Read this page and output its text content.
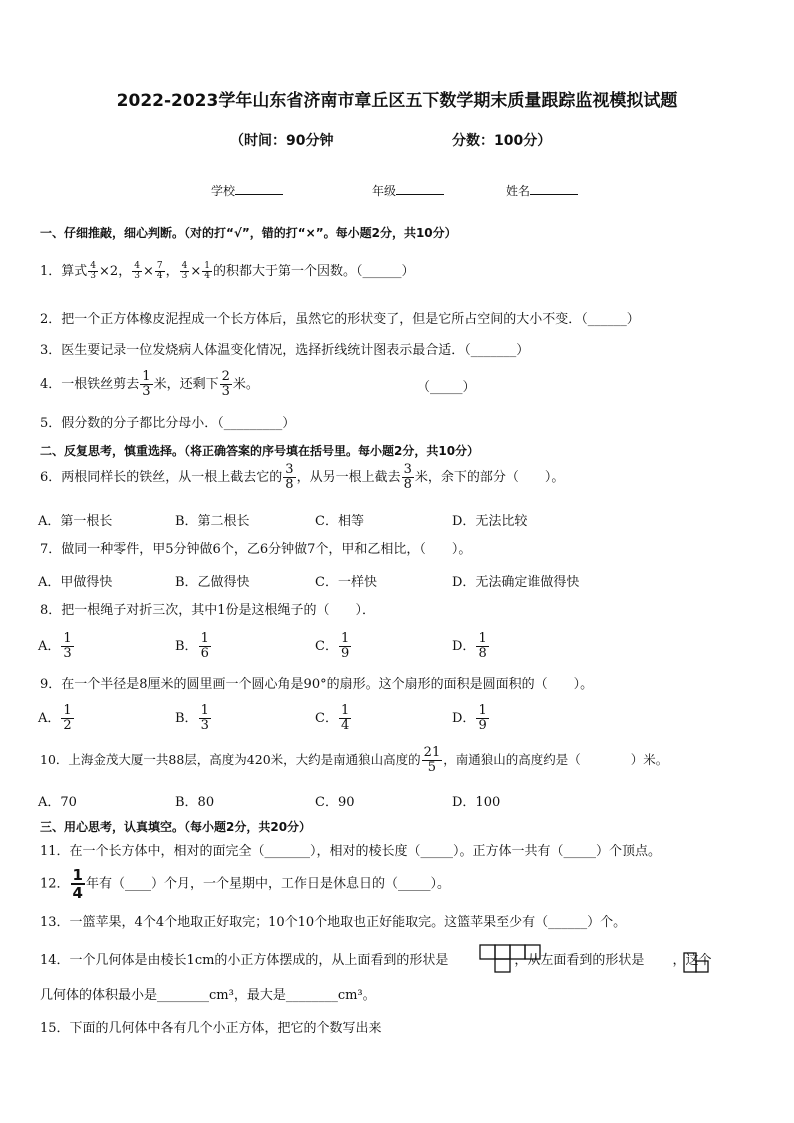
2022-2023学年山东省济南市章丘区五下数学期末质量跟踪监视模拟试题
（时间：90分钟	分数：100分）
学校	年级	姓名
一、仔细推敲，细心判断。（对的打“√”，错的打“×”。每小题2分，共10分）
1．算式 $\frac{4}{3} \times 2$， $\frac{4}{3} \times \frac{7}{4}$ ， $\frac{4}{3} \times \frac{1}{4}$ 的积都大于第一个因数。（______）
2．把一个正方体橡皮泥捏成一个长方体后，虽然它的形状变了，但是它所占空间的大小不变．（______）
3．医生要记录一位发烧病人体温变化情况，选择折线统计图表示最合适．（_______）
4．一根铁丝剪去 $\frac{1}{3}$ 米，还剩下 $\frac{2}{3}$ 米。	（_____）
5．假分数的分子都比分母小．（_________）
二、反复思考，慎重选择。（将正确答案的序号填在括号里。每小题2分，共10分）
6．两根同样长的铁丝，从一根上截去它的 $\frac{3}{8}$ ，从另一根上截去 $\frac{3}{8}$ 米，余下的部分（　　）。
A．第一根长	B．第二根长	C．相等	D．无法比较
7．做同一种零件，甲5分钟做6个，乙6分钟做7个，甲和乙相比，（　　）。
A．甲做得快	B．乙做得快	C．一样快	D．无法确定谁做得快
8．把一根绳子对折三次，其中1份是这根绳子的（　　）．
A． $\frac{1}{3}$	B． $\frac{1}{6}$	C． $\frac{1}{9}$	D． $\frac{1}{8}$
9．在一个半径是8厘米的圆里画一个圆心角是90°的扇形。这个扇形的面积是圆面积的（　　）。
A． $\frac{1}{2}$	B． $\frac{1}{3}$	C． $\frac{1}{4}$	D． $\frac{1}{9}$
10．上海金茂大厦一共88层，高度为420米，大约是南通狼山高度的 $\frac{21}{5}$ ，南通狼山的高度约是（　　　　）米。
A．70	B．80	C．90	D．100
三、用心思考，认真填空。（每小题2分，共20分）
11．在一个长方体中，相对的面完全（_______），相对的棱长度（_____）。正方体一共有（_____）个顶点。
12． $\frac{1}{4}$ 年有（____）个月，一个星期中，工作日是休息日的（_____）。
13．一篮苹果，4个4个地取正好取完；10个10个地取也正好能取完。这篮苹果至少有（______）个。
14．一个几何体是由棱长1cm的小正方体摆成的，从上面看到的形状是	，从左面看到的形状是 ，这个
几何体的体积最小是________cm³，最大是________cm³。
15．下面的几何体中各有几个小正方体，把它的个数写出来
